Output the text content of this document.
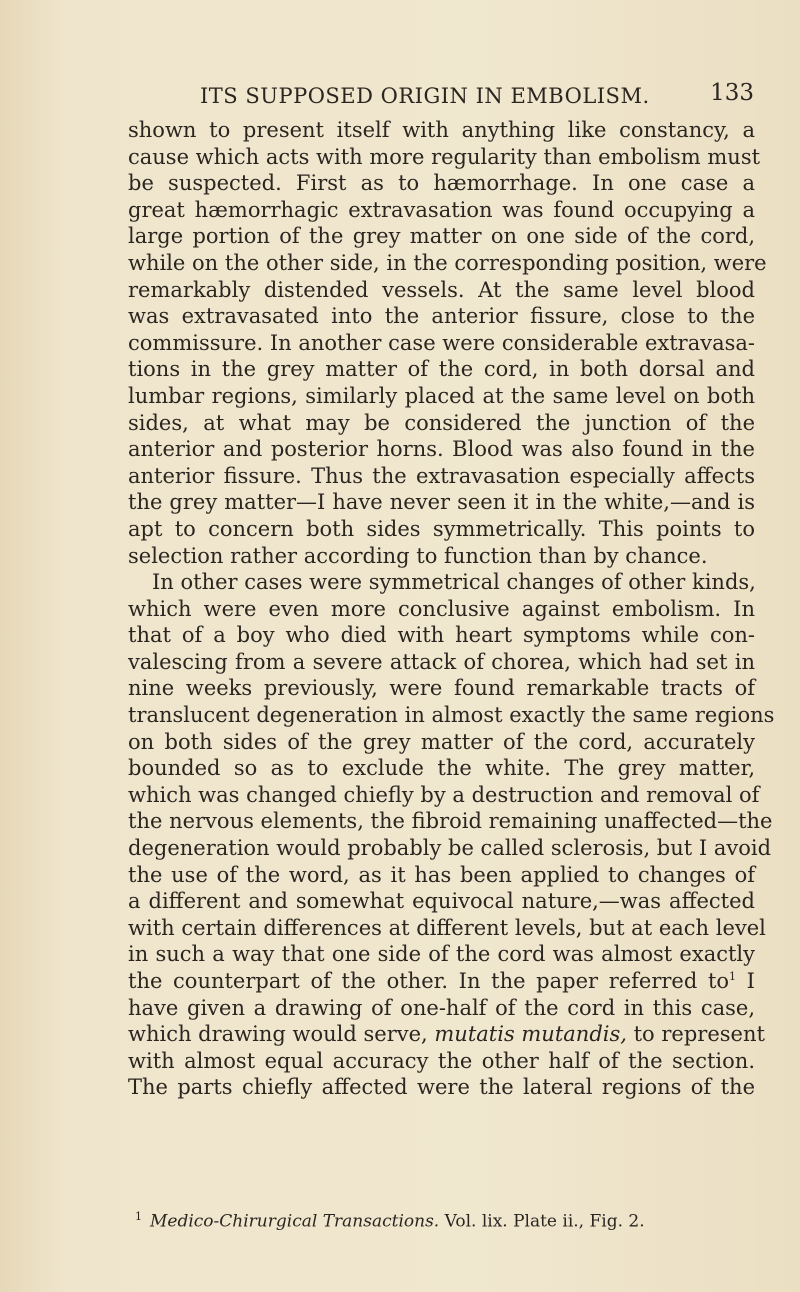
ITS SUPPOSED ORIGIN IN EMBOLISM.	133
shown to present itself with anything like constancy, a
cause which acts with more regularity than embolism must
be suspected. First as to hæmorrhage. In one case a
great hæmorrhagic extravasation was found occupying a
large portion of the grey matter on one side of the cord,
while on the other side, in the corresponding position, were
remarkably distended vessels. At the same level blood
was extravasated into the anterior fissure, close to the
commissure. In another case were considerable extravasa-
tions in the grey matter of the cord, in both dorsal and
lumbar regions, similarly placed at the same level on both
sides, at what may be considered the junction of the
anterior and posterior horns. Blood was also found in the
anterior fissure. Thus the extravasation especially affects
the grey matter—I have never seen it in the white,—and is
apt to concern both sides symmetrically. This points to
selection rather according to function than by chance.
In other cases were symmetrical changes of other kinds,
which were even more conclusive against embolism. In
that of a boy who died with heart symptoms while con-
valescing from a severe attack of chorea, which had set in
nine weeks previously, were found remarkable tracts of
translucent degeneration in almost exactly the same regions
on both sides of the grey matter of the cord, accurately
bounded so as to exclude the white. The grey matter,
which was changed chiefly by a destruction and removal of
the nervous elements, the fibroid remaining unaffected—the
degeneration would probably be called sclerosis, but I avoid
the use of the word, as it has been applied to changes of
a different and somewhat equivocal nature,—was affected
with certain differences at different levels, but at each level
in such a way that one side of the cord was almost exactly
the counterpart of the other. In the paper referred $to^1$ I
have given a drawing of one-half of the cord in this case,
which drawing would serve, mutatis mutandis, to represent
with almost equal accuracy the other half of the section.
The parts chiefly affected were the lateral regions of the
$^1$ Medico-Chirurgical Transactions. Vol. lix. Plate ii., Fig. 2.
